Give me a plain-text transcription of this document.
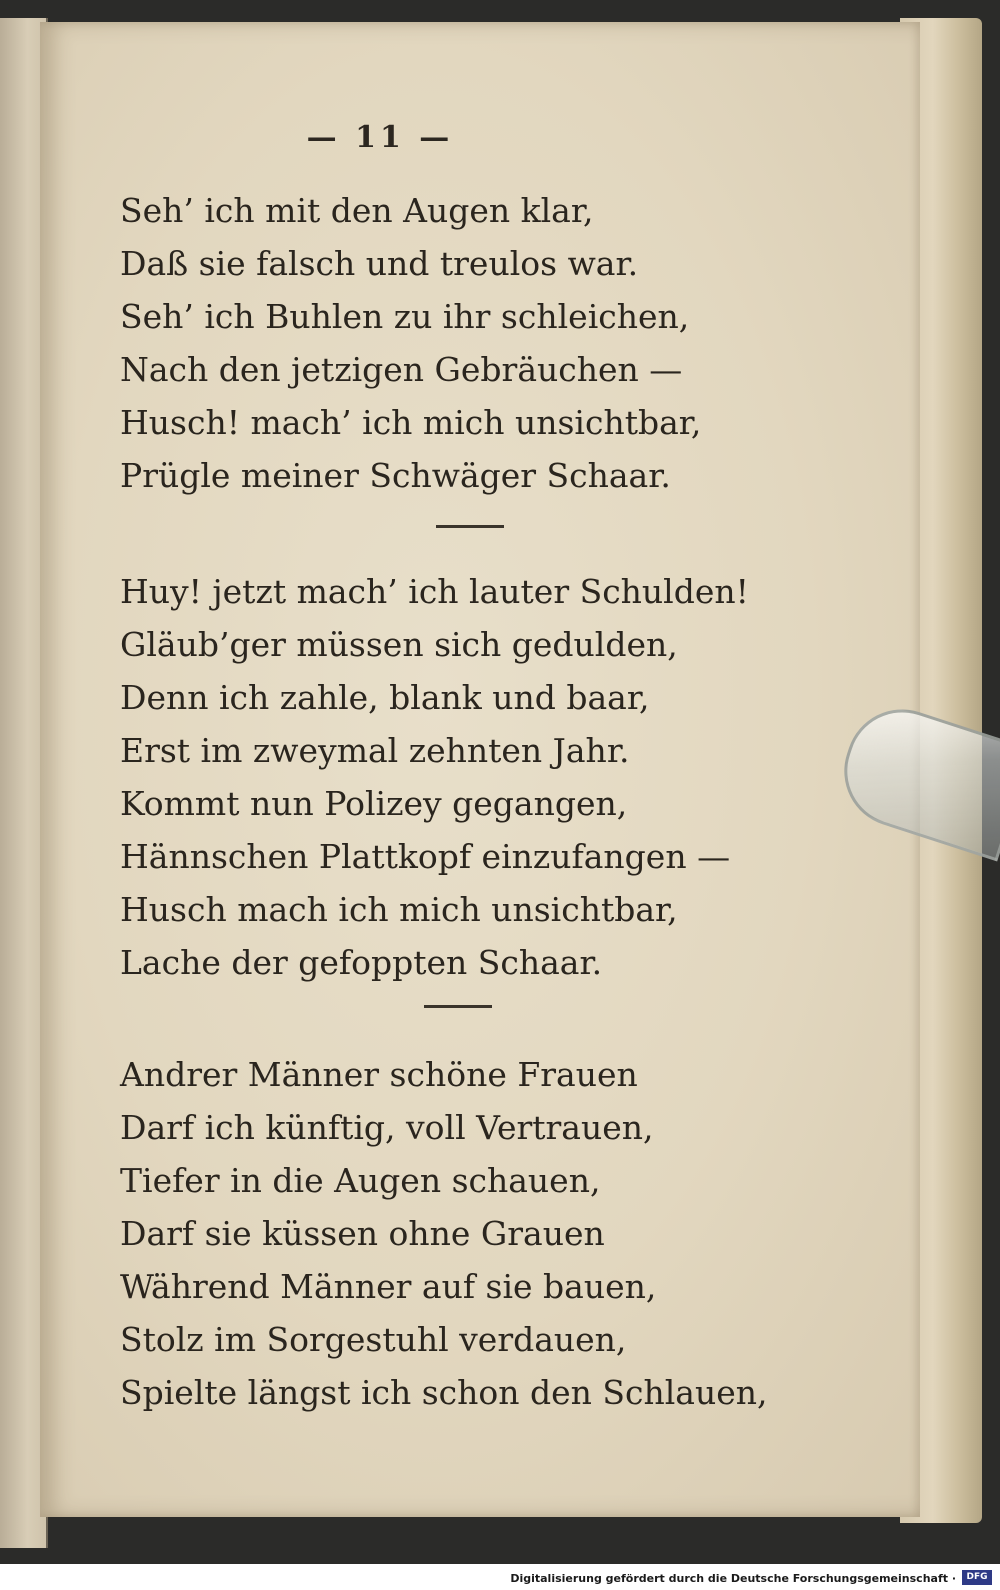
— 11 —
Seh’ ich mit den Augen klar,
Daß sie falsch und treulos war.
Seh’ ich Buhlen zu ihr schleichen,
Nach den jetzigen Gebräuchen —
Husch! mach’ ich mich unsichtbar,
Prügle meiner Schwäger Schaar.
Huy! jetzt mach’ ich lauter Schulden!
Gläub’ger müssen sich gedulden,
Denn ich zahle, blank und baar,
Erst im zweymal zehnten Jahr.
Kommt nun Polizey gegangen,
Hännschen Plattkopf einzufangen —
Husch mach ich mich unsichtbar,
Lache der gefoppten Schaar.
Andrer Männer schöne Frauen
Darf ich künftig, voll Vertrauen,
Tiefer in die Augen schauen,
Darf sie küssen ohne Grauen
Während Männer auf sie bauen,
Stolz im Sorgestuhl verdauen,
Spielte längst ich schon den Schlauen,
Digitalisierung gefördert durch die Deutsche Forschungsgemeinschaft ·	DFG
